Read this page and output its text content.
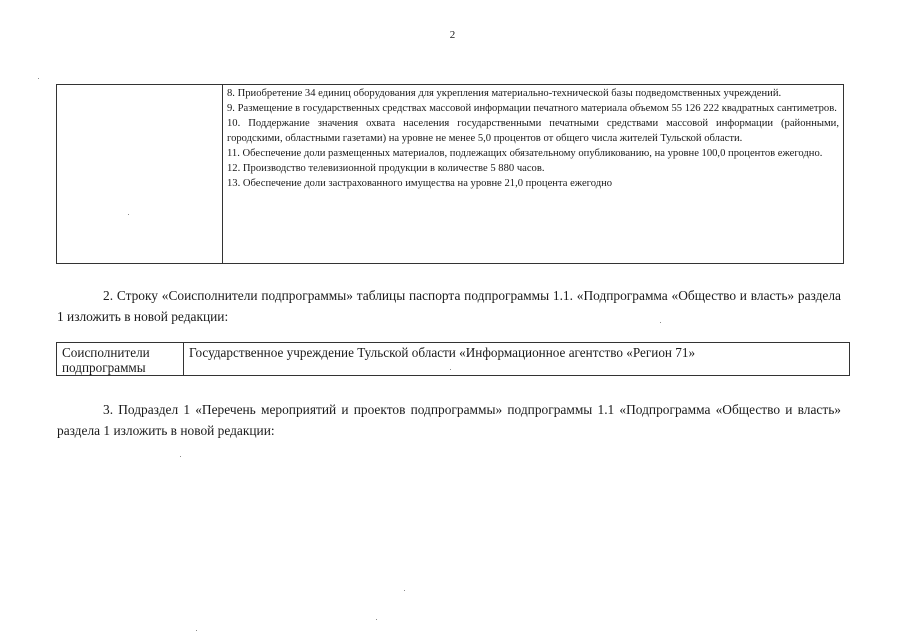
2

8. Приобретение 34 единиц оборудования для укрепления материально-технической базы подведомственных учреждений.

9. Размещение в государственных средствах массовой информации печатного материала объемом 55 126 222 квадратных сантиметров.

10. Поддержание значения охвата населения государственными печатными средствами массовой информации (районными, городскими, областными газетами) на уровне не менее 5,0 процентов от общего числа жителей Тульской области.

11. Обеспечение доли размещенных материалов, подлежащих обязательному опубликованию, на уровне 100,0 процентов ежегодно.

12. Производство телевизионной продукции в количестве 5 880 часов.

13. Обеспечение доли застрахованного имущества на уровне 21,0 процента ежегодно

2. Строку «Соисполнители подпрограммы» таблицы паспорта подпрограммы 1.1. «Подпрограмма «Общество и власть» раздела 1 изложить в новой редакции:

Соисполнители подпрограммы	Государственное учреждение Тульской области «Информационное агентство «Регион 71»

3. Подраздел 1 «Перечень мероприятий и проектов подпрограммы» подпрограммы 1.1 «Подпрограмма «Общество и власть» раздела 1 изложить в новой редакции:
